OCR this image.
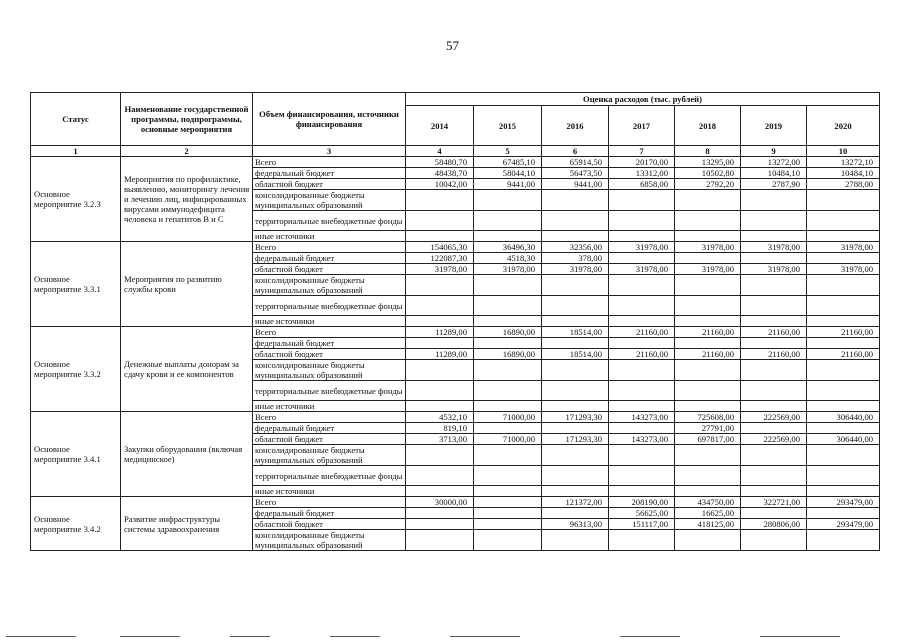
57
Статус	Наименование государственной программы, подпрограммы, основные мероприятия	Объем финансирования, источники финансирования	Оценка расходов (тыс. рублей)						
			2014	2015	2016	2017	2018	2019	2020
1	2	3	4	5	6	7	8	9	10
Основное мероприятие 3.2.3	Мероприятия по профилактике, выявлению, мониторингу лечения и лечению лиц, инфицированных вирусами иммунодефицита человека и гепатитов В и С	Всего	58480,70	67485,10	65914,50	20170,00	13295,00	13272,00	13272,10
		федеральный бюджет	48438,70	58044,10	56473,50	13312,00	10502,80	10484,10	10484,10
		областной бюджет	10042,00	9441,00	9441,00	6858,00	2792,20	2787,90	2788,00
		консолидированные бюджеты муниципальных образований							
		территориальные внебюджетные фонды							
		иные источники							
Основное мероприятие 3.3.1	Мероприятия по развитию службы крови	Всего	154065,30	36496,30	32356,00	31978,00	31978,00	31978,00	31978,00
		федеральный бюджет	122087,30	4518,30	378,00				
		областной бюджет	31978,00	31978,00	31978,00	31978,00	31978,00	31978,00	31978,00
		консолидированные бюджеты муниципальных образований							
		территориальные внебюджетные фонды							
		иные источники							
Основное мероприятие 3.3.2	Денежные выплаты донорам за сдачу крови и ее компонентов	Всего	11289,00	16890,00	18514,00	21160,00	21160,00	21160,00	21160,00
		федеральный бюджет							
		областной бюджет	11289,00	16890,00	18514,00	21160,00	21160,00	21160,00	21160,00
		консолидированные бюджеты муниципальных образований							
		территориальные внебюджетные фонды							
		иные источники							
Основное мероприятие 3.4.1	Закупки оборудования (включая медицинское)	Всего	4532,10	71000,00	171293,30	143273,00	725608,00	222569,00	306440,00
		федеральный бюджет	819,10				27791,00		
		областной бюджет	3713,00	71000,00	171293,30	143273,00	697817,00	222569,00	306440,00
		консолидированные бюджеты муниципальных образований							
		территориальные внебюджетные фонды							
		иные источники							
Основное мероприятие 3.4.2	Развитие инфраструктуры системы здравоохранения	Всего	30000,00		121372,00	208190,00	434750,00	322721,00	293479,00
		федеральный бюджет				56625,00	16625,00		
		областной бюджет			96313,00	151117,00	418125,00	280806,00	293479,00
		консолидированные бюджеты муниципальных образований							
